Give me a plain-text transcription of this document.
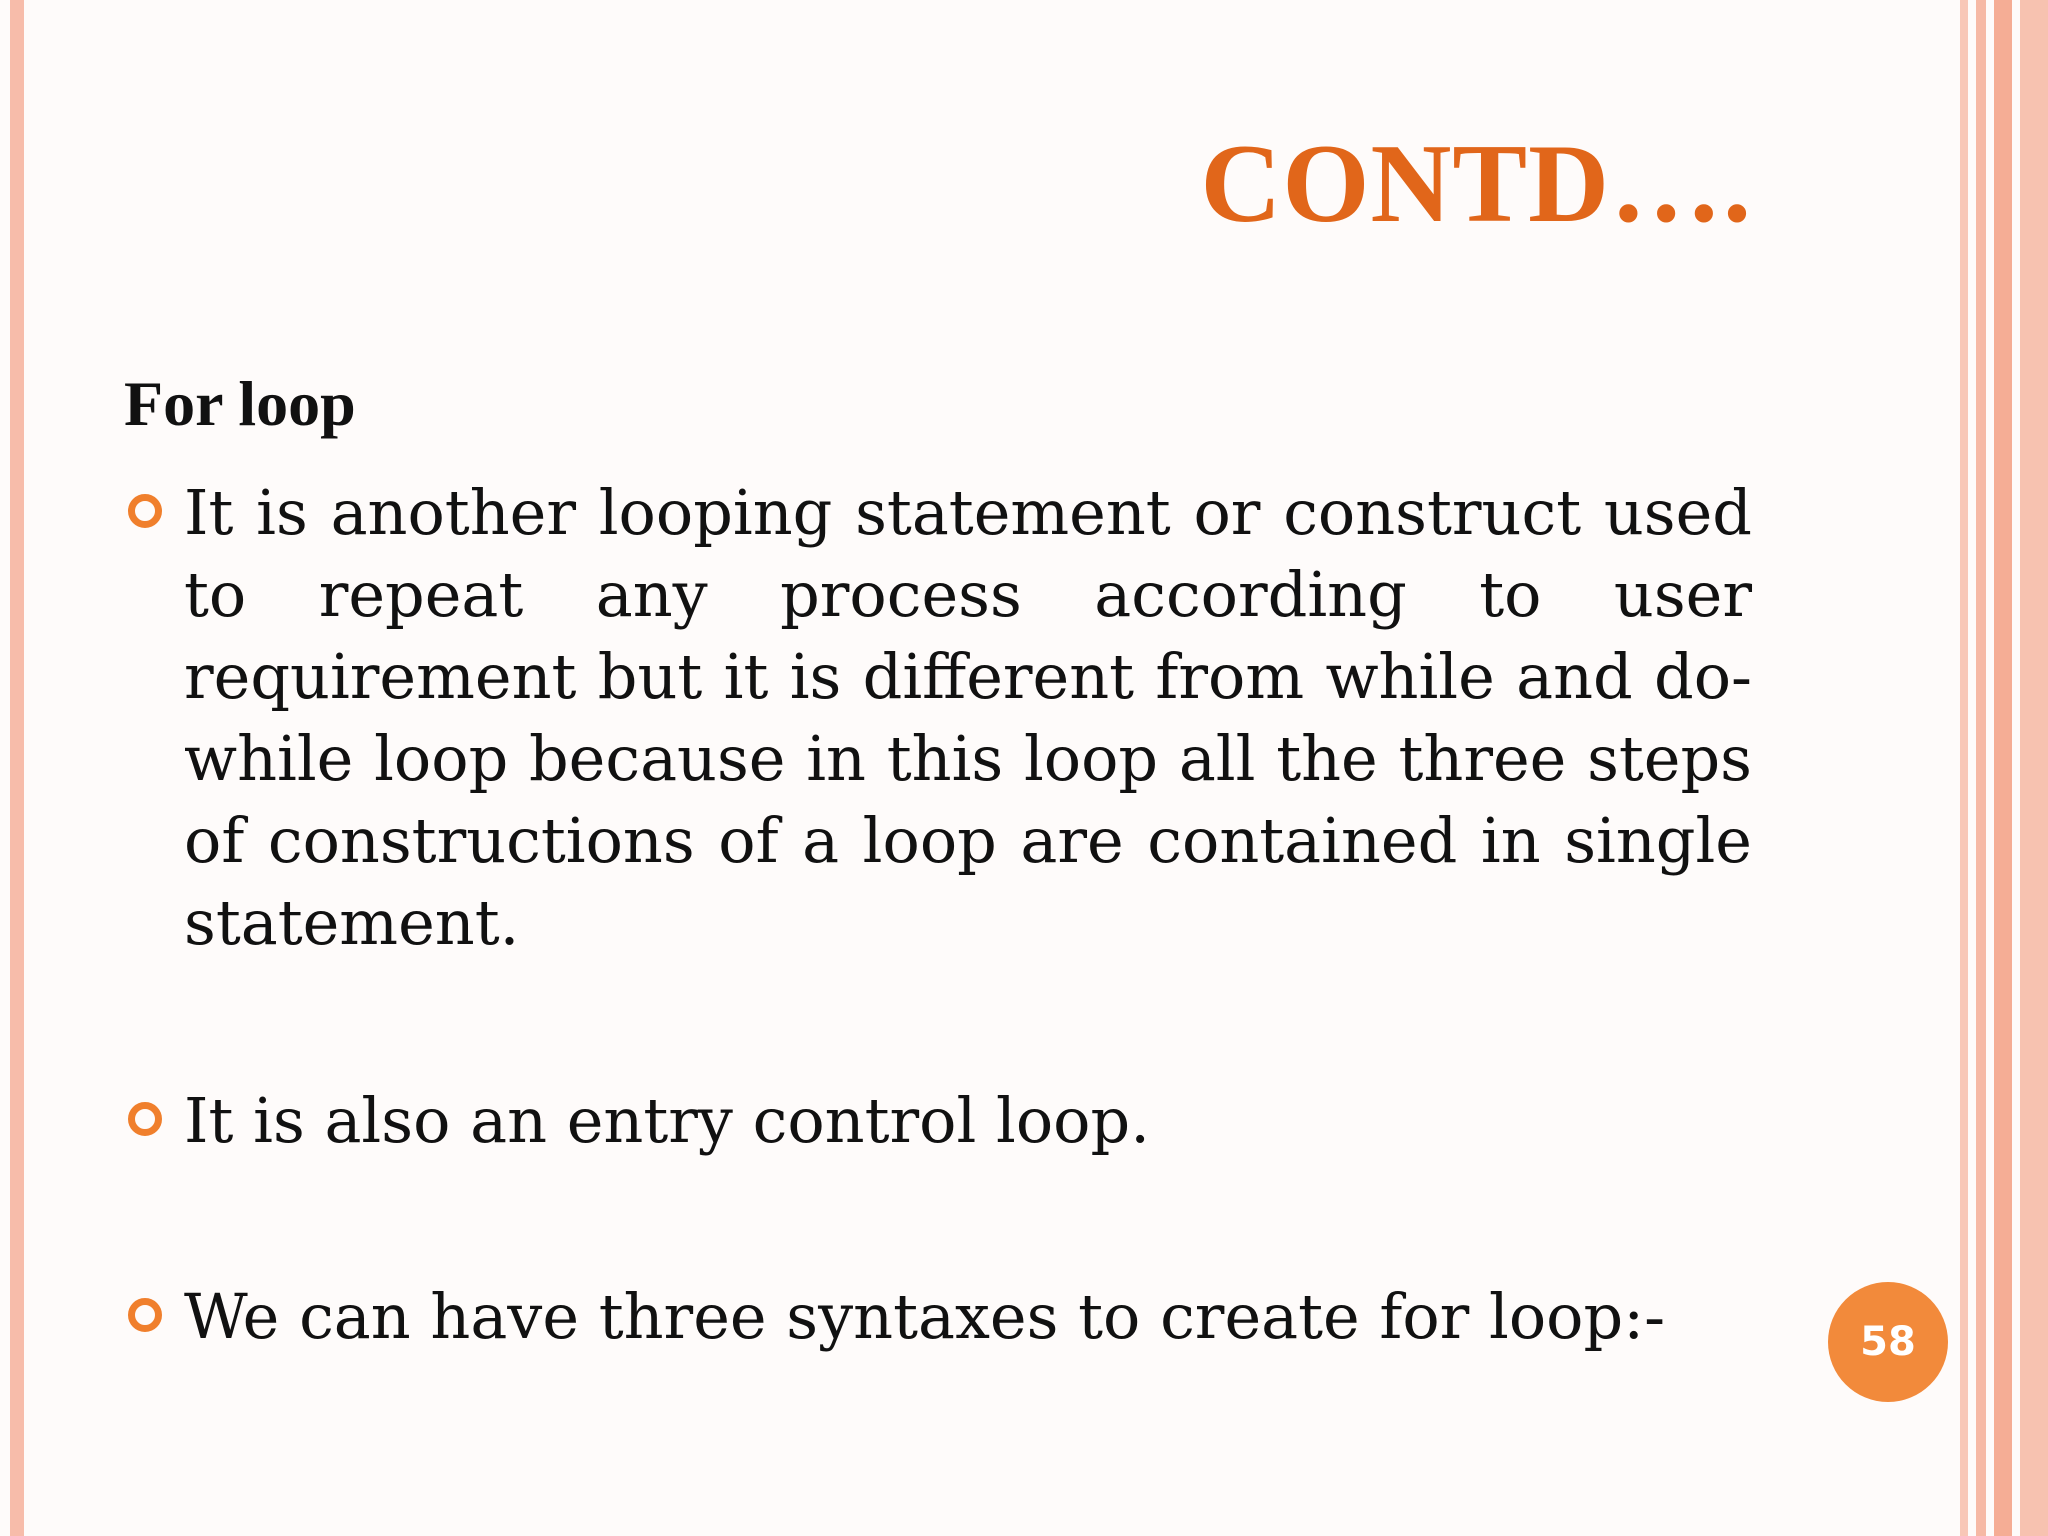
CONTD….
For loop
It is another looping statement or construct used to repeat any process according to user requirement but it is different from while and do-while loop because in this loop all the three steps of constructions of a loop are contained in single statement.
It is also an entry control loop.
We can have three syntaxes to create for loop:-	58
